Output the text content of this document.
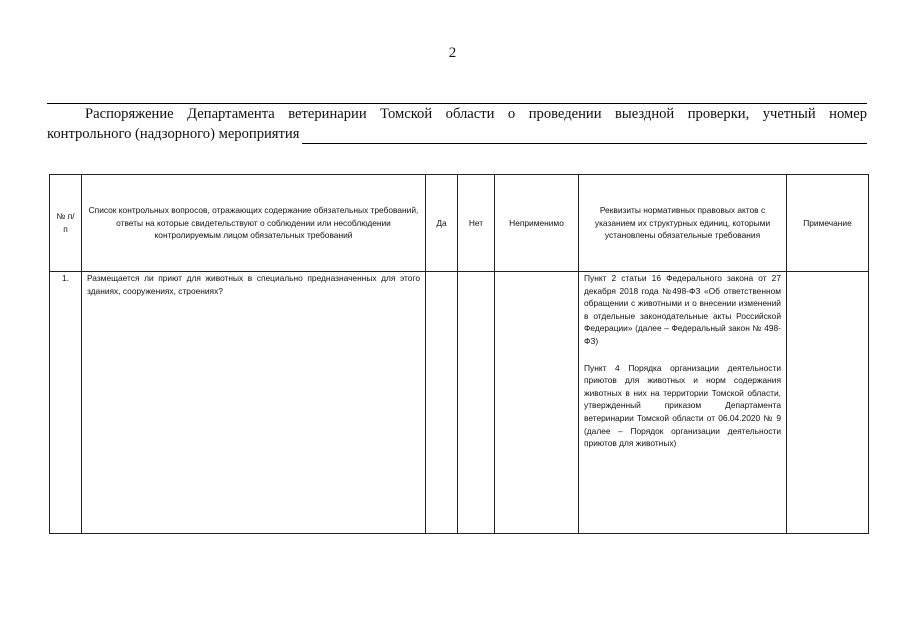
2
Распоряжение Департамента ветеринарии Томской области о проведении выездной проверки, учетный номер
контрольного (надзорного) мероприятия
№ п/п	Список контрольных вопросов, отражающих содержание обязательных требований, ответы на которые свидетельствуют о соблюдении или несоблюдении контролируемым лицом обязательных требований	Да	Нет	Неприменимо	Реквизиты нормативных правовых актов с указанием их структурных единиц, которыми установлены обязательные требования	Примечание
1.	Размещается ли приют для животных в специально предназначенных для этого зданиях, сооружениях, строениях?				Пункт 2 статьи 16 Федерального закона от 27 декабря 2018 года №498-ФЗ «Об ответственном обращении с животными и о внесении изменений в отдельные законодательные акты Российской Федерации» (далее – Федеральный закон № 498-ФЗ)

Пункт 4 Порядка организации деятельности приютов для животных и норм содержания животных в них на территории Томской области, утвержденный приказом Департамента ветеринарии Томской области от 06.04.2020 № 9 (далее – Порядок организации деятельности приютов для животных)	
